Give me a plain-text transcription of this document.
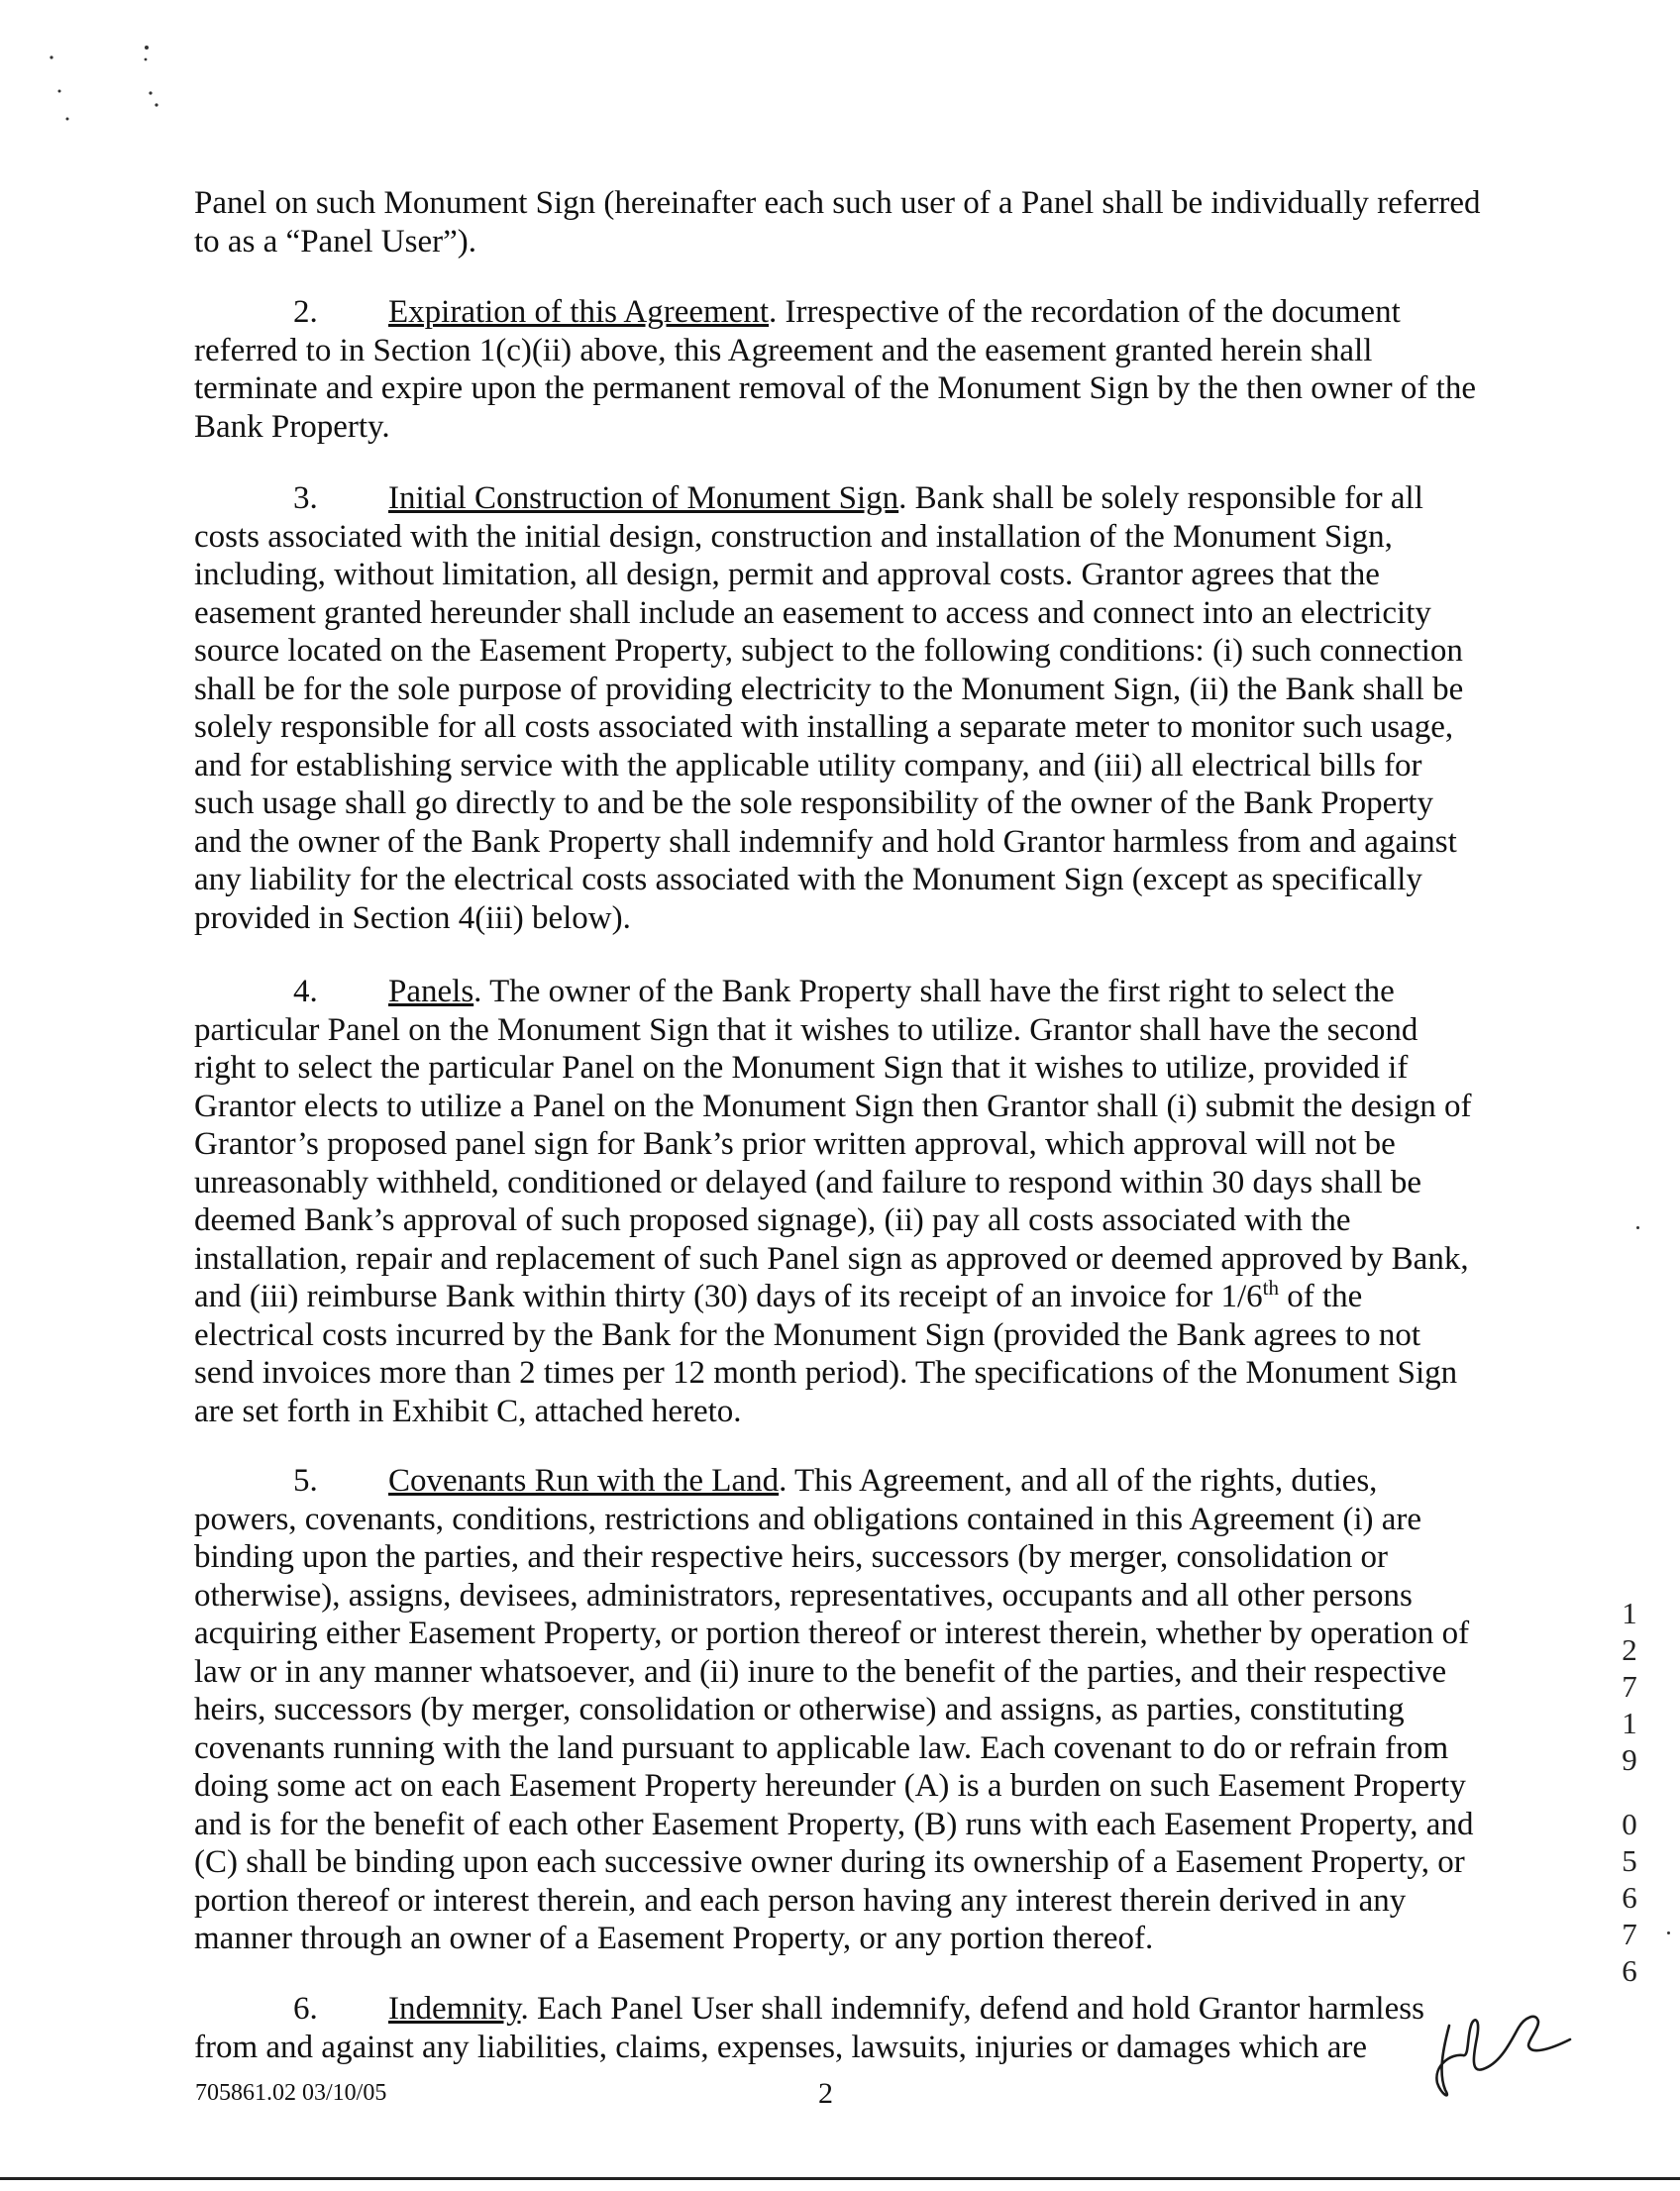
Panel on such Monument Sign (hereinafter each such user of a Panel shall be individually referred to as a “Panel User”).
2. Expiration of this Agreement. Irrespective of the recordation of the document referred to in Section 1(c)(ii) above, this Agreement and the easement granted herein shall terminate and expire upon the permanent removal of the Monument Sign by the then owner of the Bank Property.
3. Initial Construction of Monument Sign. Bank shall be solely responsible for all costs associated with the initial design, construction and installation of the Monument Sign, including, without limitation, all design, permit and approval costs. Grantor agrees that the easement granted hereunder shall include an easement to access and connect into an electricity source located on the Easement Property, subject to the following conditions: (i) such connection shall be for the sole purpose of providing electricity to the Monument Sign, (ii) the Bank shall be solely responsible for all costs associated with installing a separate meter to monitor such usage, and for establishing service with the applicable utility company, and (iii) all electrical bills for such usage shall go directly to and be the sole responsibility of the owner of the Bank Property and the owner of the Bank Property shall indemnify and hold Grantor harmless from and against any liability for the electrical costs associated with the Monument Sign (except as specifically provided in Section 4(iii) below).
4. Panels. The owner of the Bank Property shall have the first right to select the particular Panel on the Monument Sign that it wishes to utilize. Grantor shall have the second right to select the particular Panel on the Monument Sign that it wishes to utilize, provided if Grantor elects to utilize a Panel on the Monument Sign then Grantor shall (i) submit the design of Grantor’s proposed panel sign for Bank’s prior written approval, which approval will not be unreasonably withheld, conditioned or delayed (and failure to respond within 30 days shall be deemed Bank’s approval of such proposed signage), (ii) pay all costs associated with the installation, repair and replacement of such Panel sign as approved or deemed approved by Bank, and (iii) reimburse Bank within thirty (30) days of its receipt of an invoice for 1/6th of the electrical costs incurred by the Bank for the Monument Sign (provided the Bank agrees to not send invoices more than 2 times per 12 month period). The specifications of the Monument Sign are set forth in Exhibit C, attached hereto.
5. Covenants Run with the Land. This Agreement, and all of the rights, duties, powers, covenants, conditions, restrictions and obligations contained in this Agreement (i) are binding upon the parties, and their respective heirs, successors (by merger, consolidation or otherwise), assigns, devisees, administrators, representatives, occupants and all other persons acquiring either Easement Property, or portion thereof or interest therein, whether by operation of law or in any manner whatsoever, and (ii) inure to the benefit of the parties, and their respective heirs, successors (by merger, consolidation or otherwise) and assigns, as parties, constituting covenants running with the land pursuant to applicable law. Each covenant to do or refrain from doing some act on each Easement Property hereunder (A) is a burden on such Easement Property and is for the benefit of each other Easement Property, (B) runs with each Easement Property, and (C) shall be binding upon each successive owner during its ownership of a Easement Property, or portion thereof or interest therein, and each person having any interest therein derived in any manner through an owner of a Easement Property, or any portion thereof.
6. Indemnity. Each Panel User shall indemnify, defend and hold Grantor harmless from and against any liabilities, claims, expenses, lawsuits, injuries or damages which are
705861.02 03/10/05	2
1
2
7
1
9
0
5
6
7
6
